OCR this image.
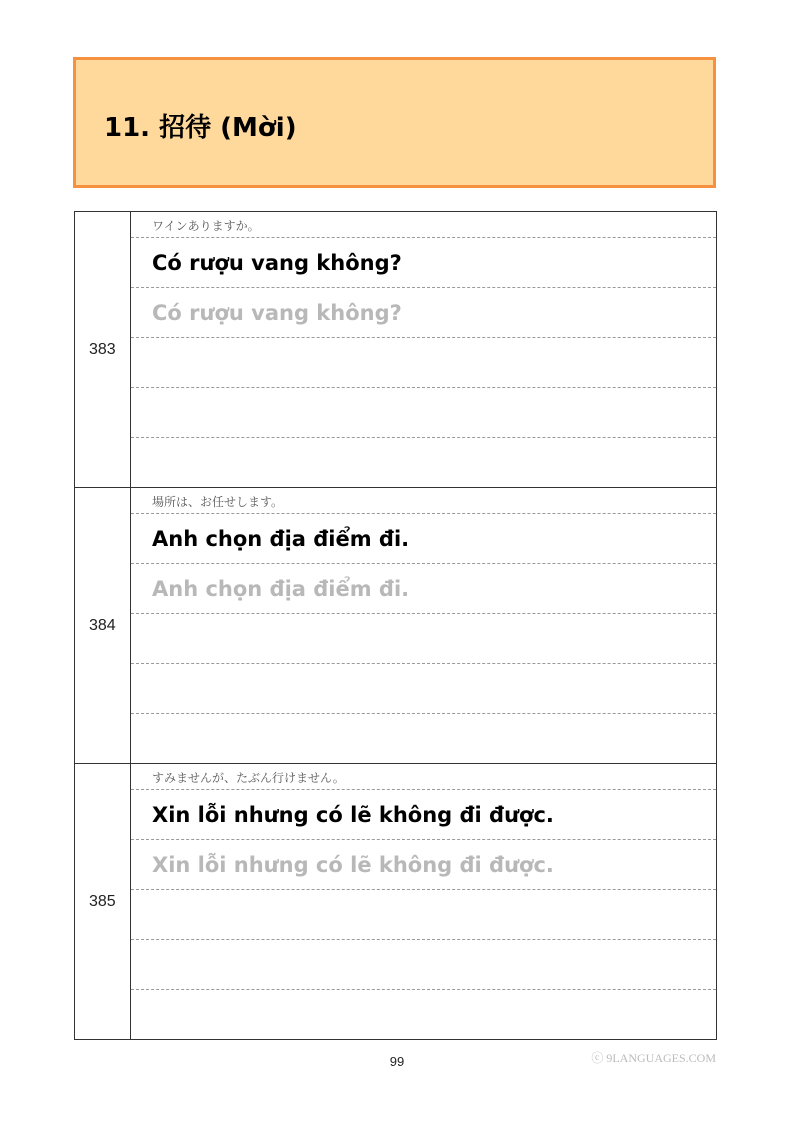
11. 招待 (Mời)
383
ワインありますか。
Có rượu vang không?
Có rượu vang không?
384
場所は、お任せします。
Anh chọn địa điểm đi.
Anh chọn địa điểm đi.
385
すみませんが、たぶん行けません。
Xin lỗi nhưng có lẽ không đi được.
Xin lỗi nhưng có lẽ không đi được.
99	ⓒ 9LANGUAGES.COM
